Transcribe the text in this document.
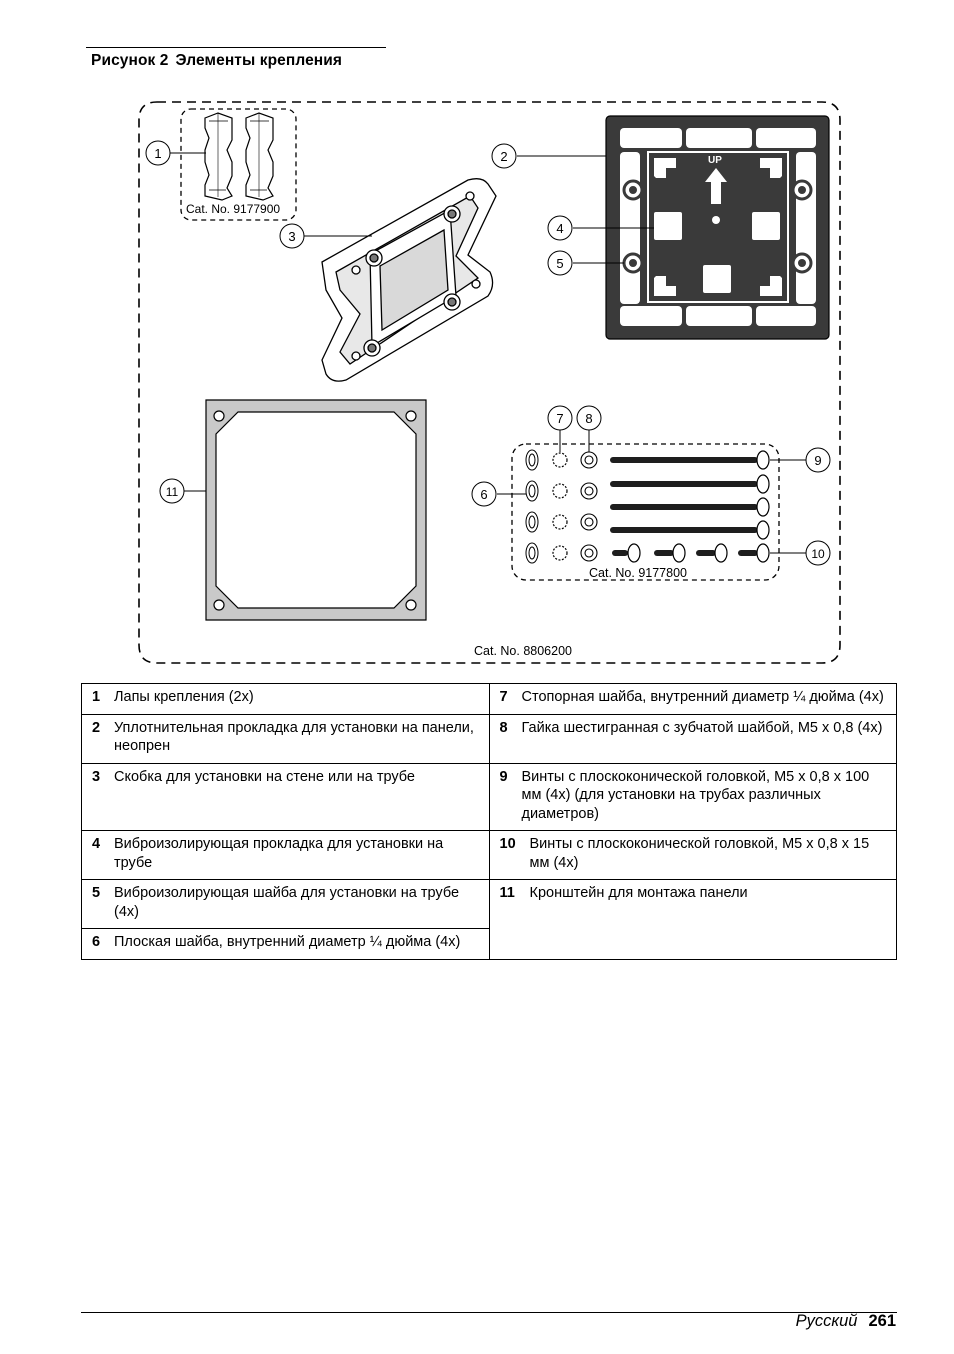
Рисунок 2 Элементы крепления
Cat. No. 8806200
Cat. No. 9177900
UP
Cat. No. 9177800
1	2
3
4
5
6
7 8
9
10
11
1 Лапы крепления (2x)	7 Стопорная шайба, внутренний диаметр ¼ дюйма (4x)

2 Уплотнительная прокладка для установки на панели, неопрен	8 Гайка шестигранная с зубчатой шайбой, M5 x 0,8 (4x)

3 Скобка для установки на стене или на трубе	9 Винты с плоскоконической головкой, M5 x 0,8 x 100 мм (4x) (для установки на трубах различных диаметров)

4 Виброизолирующая прокладка для установки на трубе	10 Винты с плоскоконической головкой, M5 x 0,8 x 15 мм (4x)

5 Виброизолирующая шайба для установки на трубе (4x)	11 Кронштейн для монтажа панели

6 Плоская шайба, внутренний диаметр ¼ дюйма (4x)	
Русский 261
